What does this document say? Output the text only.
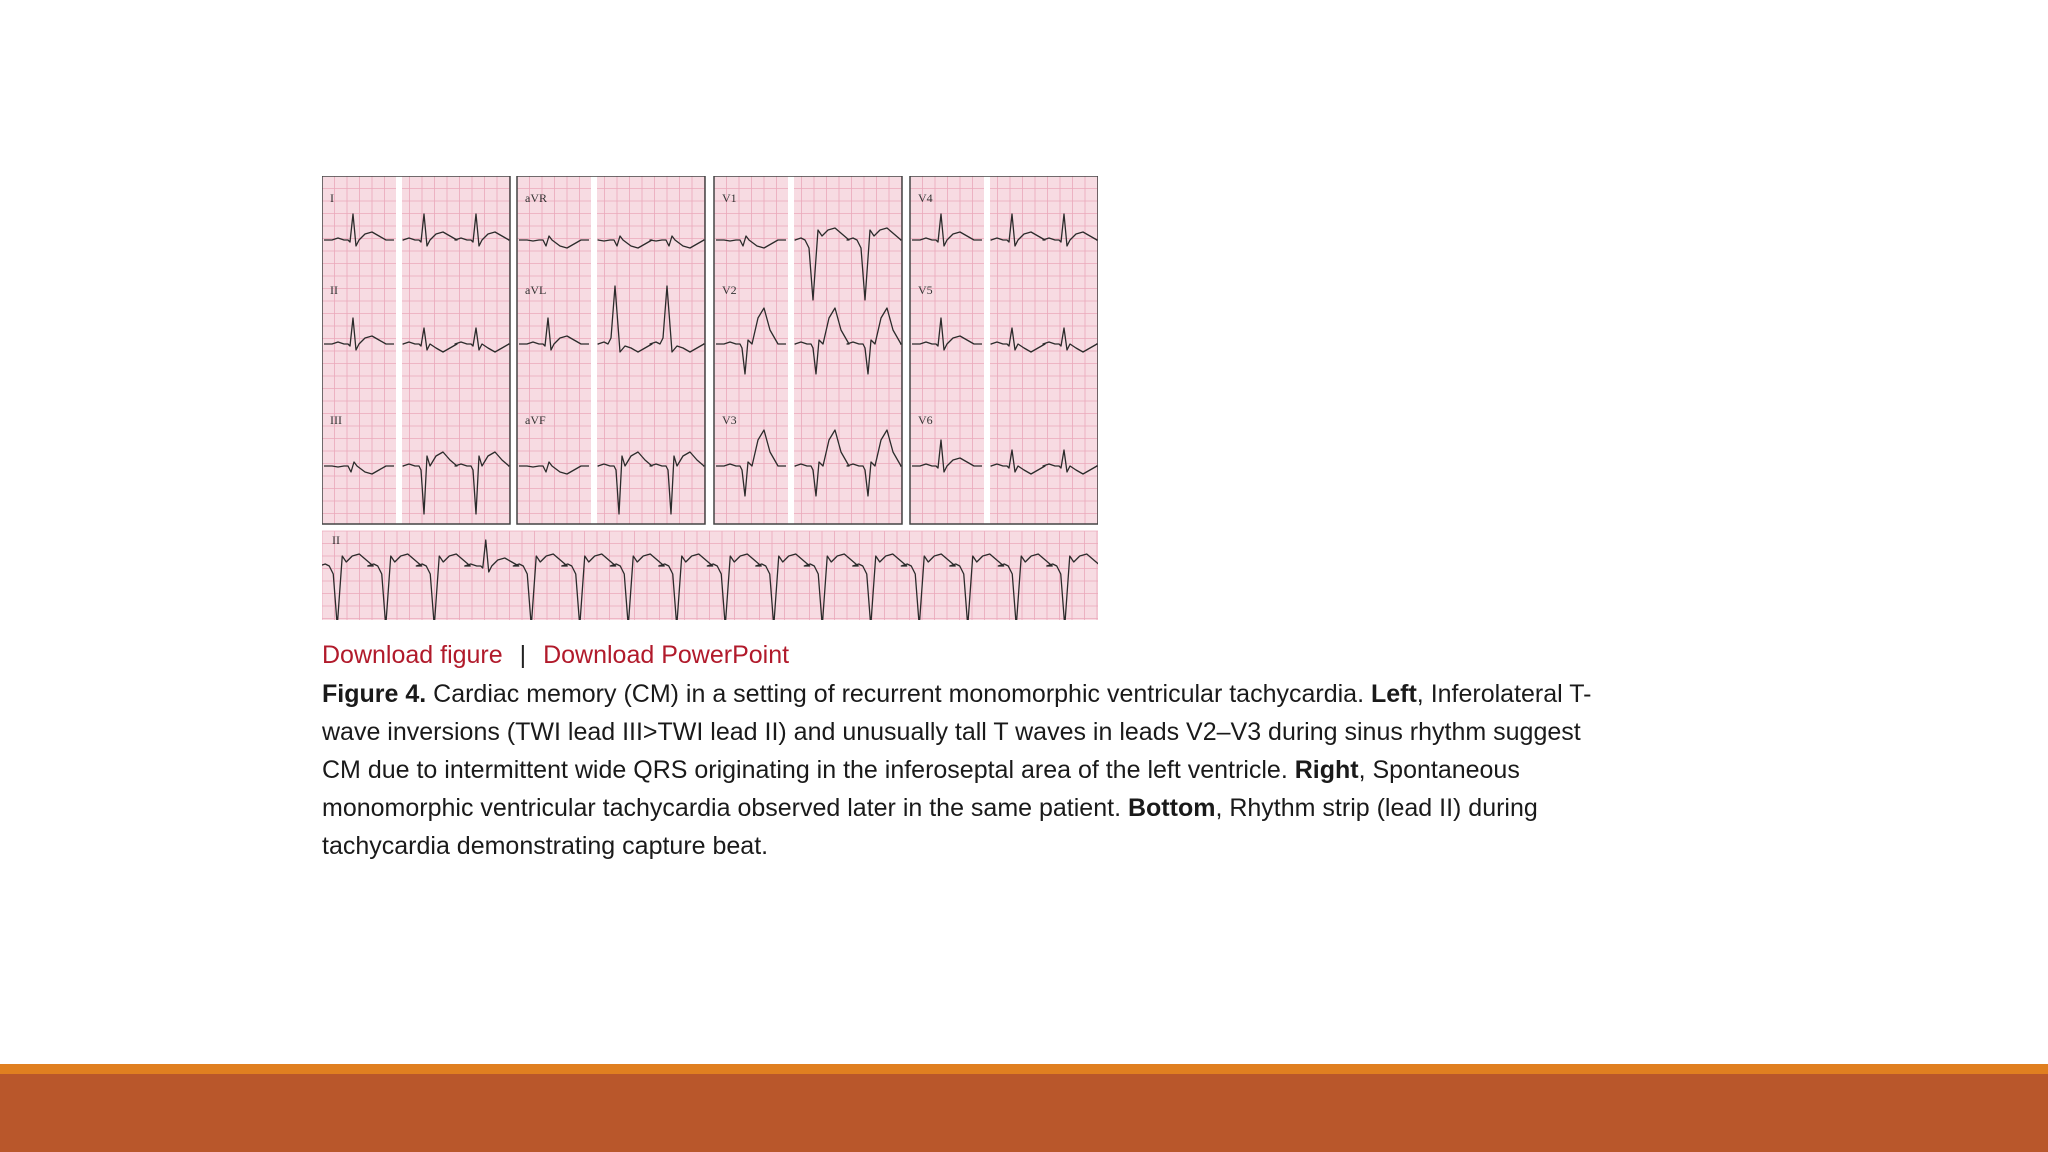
I
II
III
aVR
aVL
aVF
V1
V2
V3
V4
V5
V6
II
Download figure | Download PowerPoint
Figure 4. Cardiac memory (CM) in a setting of recurrent monomorphic ventricular tachycardia. Left, Inferolateral T-wave inversions (TWI lead III>TWI lead II) and unusually tall T waves in leads V2–V3 during sinus rhythm suggest CM due to intermittent wide QRS originating in the inferoseptal area of the left ventricle. Right, Spontaneous monomorphic ventricular tachycardia observed later in the same patient. Bottom, Rhythm strip (lead II) during tachycardia demonstrating capture beat.
